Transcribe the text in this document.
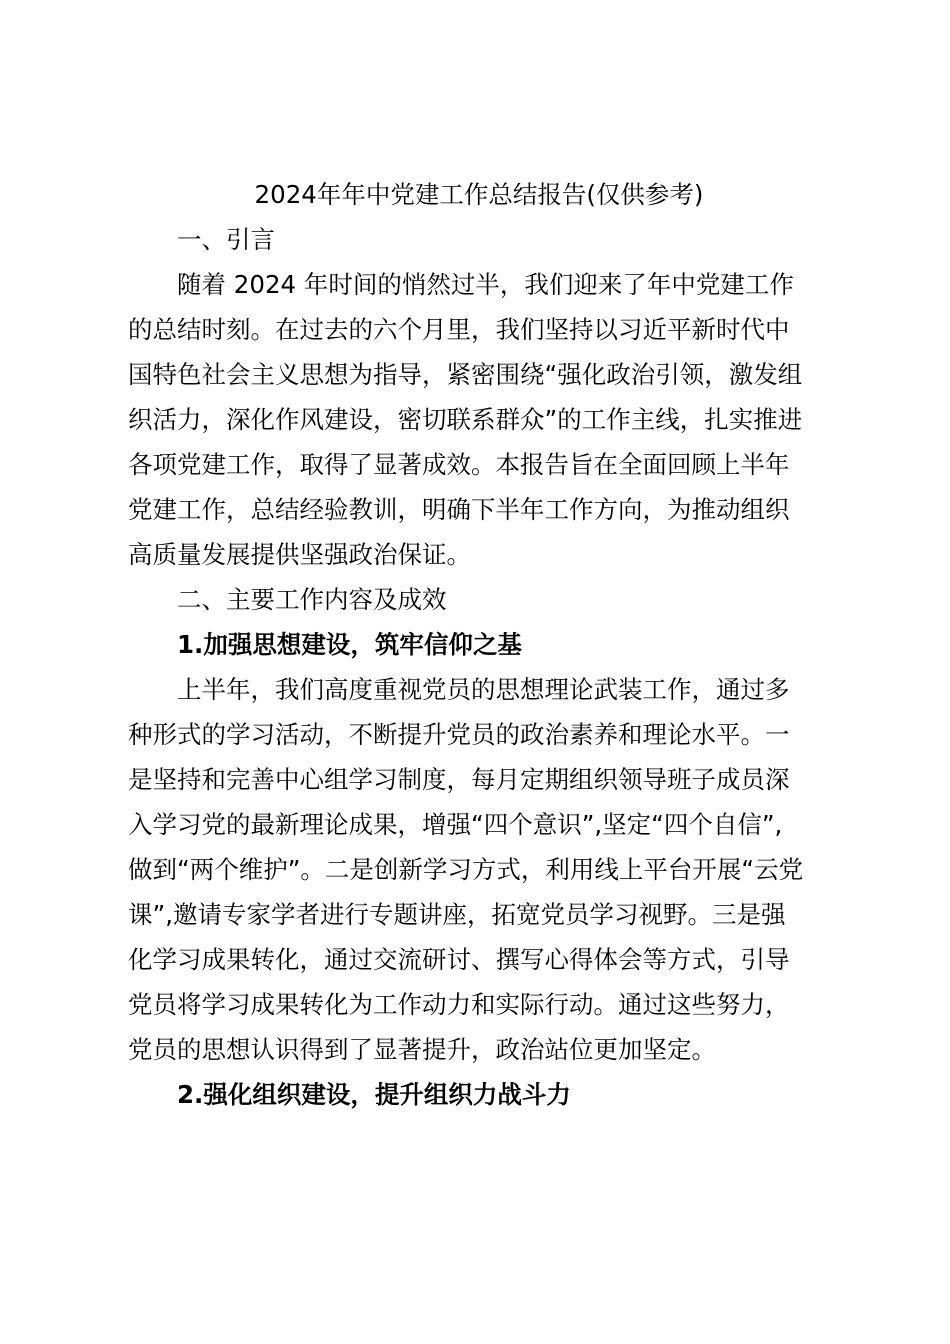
2024年年中党建工作总结报告(仅供参考)

一、引言

随着 2024 年时间的悄然过半，我们迎来了年中党建工作
的总结时刻。在过去的六个月里，我们坚持以习近平新时代中
国特色社会主义思想为指导，紧密围绕“强化政治引领，激发组
织活力，深化作风建设，密切联系群众”的工作主线，扎实推进
各项党建工作，取得了显著成效。本报告旨在全面回顾上半年
党建工作，总结经验教训，明确下半年工作方向，为推动组织
高质量发展提供坚强政治保证。

二、主要工作内容及成效

1.加强思想建设，筑牢信仰之基

上半年，我们高度重视党员的思想理论武装工作，通过多
种形式的学习活动，不断提升党员的政治素养和理论水平。一
是坚持和完善中心组学习制度，每月定期组织领导班子成员深
入学习党的最新理论成果，增强“四个意识”,坚定“四个自信”,
做到“两个维护”。二是创新学习方式，利用线上平台开展“云党
课”,邀请专家学者进行专题讲座，拓宽党员学习视野。三是强
化学习成果转化，通过交流研讨、撰写心得体会等方式，引导
党员将学习成果转化为工作动力和实际行动。通过这些努力，
党员的思想认识得到了显著提升，政治站位更加坚定。

2.强化组织建设，提升组织力战斗力
